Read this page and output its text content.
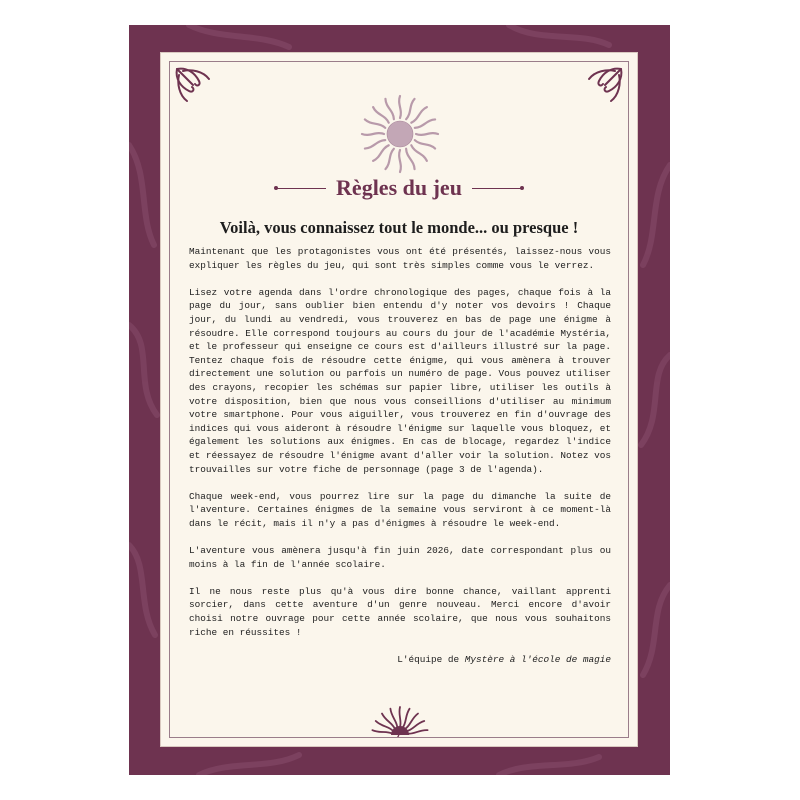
Règles du jeu
Voilà, vous connaissez tout le monde... ou presque !

Maintenant que les protagonistes vous ont été présentés, laissez-nous vous expliquer les règles du jeu, qui sont très simples comme vous le verrez.

Lisez votre agenda dans l'ordre chronologique des pages, chaque fois à la page du jour, sans oublier bien entendu d'y noter vos devoirs ! Chaque jour, du lundi au vendredi, vous trouverez en bas de page une énigme à résoudre. Elle correspond toujours au cours du jour de l'académie Mystéria, et le professeur qui enseigne ce cours est d'ailleurs illustré sur la page. Tentez chaque fois de résoudre cette énigme, qui vous amènera à trouver directement une solution ou parfois un numéro de page. Vous pouvez utiliser des crayons, recopier les schémas sur papier libre, utiliser les outils à votre disposition, bien que nous vous conseillions d'utiliser au minimum votre smartphone. Pour vous aiguiller, vous trouverez en fin d'ouvrage des indices qui vous aideront à résoudre l'énigme sur laquelle vous bloquez, et également les solutions aux énigmes. En cas de blocage, regardez l'indice et réessayez de résoudre l'énigme avant d'aller voir la solution. Notez vos trouvailles sur votre fiche de personnage (page 3 de l'agenda).

Chaque week-end, vous pourrez lire sur la page du dimanche la suite de l'aventure. Certaines énigmes de la semaine vous serviront à ce moment-là dans le récit, mais il n'y a pas d'énigmes à résoudre le week-end.

L'aventure vous amènera jusqu'à fin juin 2026, date correspondant plus ou moins à la fin de l'année scolaire.

Il ne nous reste plus qu'à vous dire bonne chance, vaillant apprenti sorcier, dans cette aventure d'un genre nouveau. Merci encore d'avoir choisi notre ouvrage pour cette année scolaire, que nous vous souhaitons riche en réussites !

L'équipe de Mystère à l'école de magie

7
